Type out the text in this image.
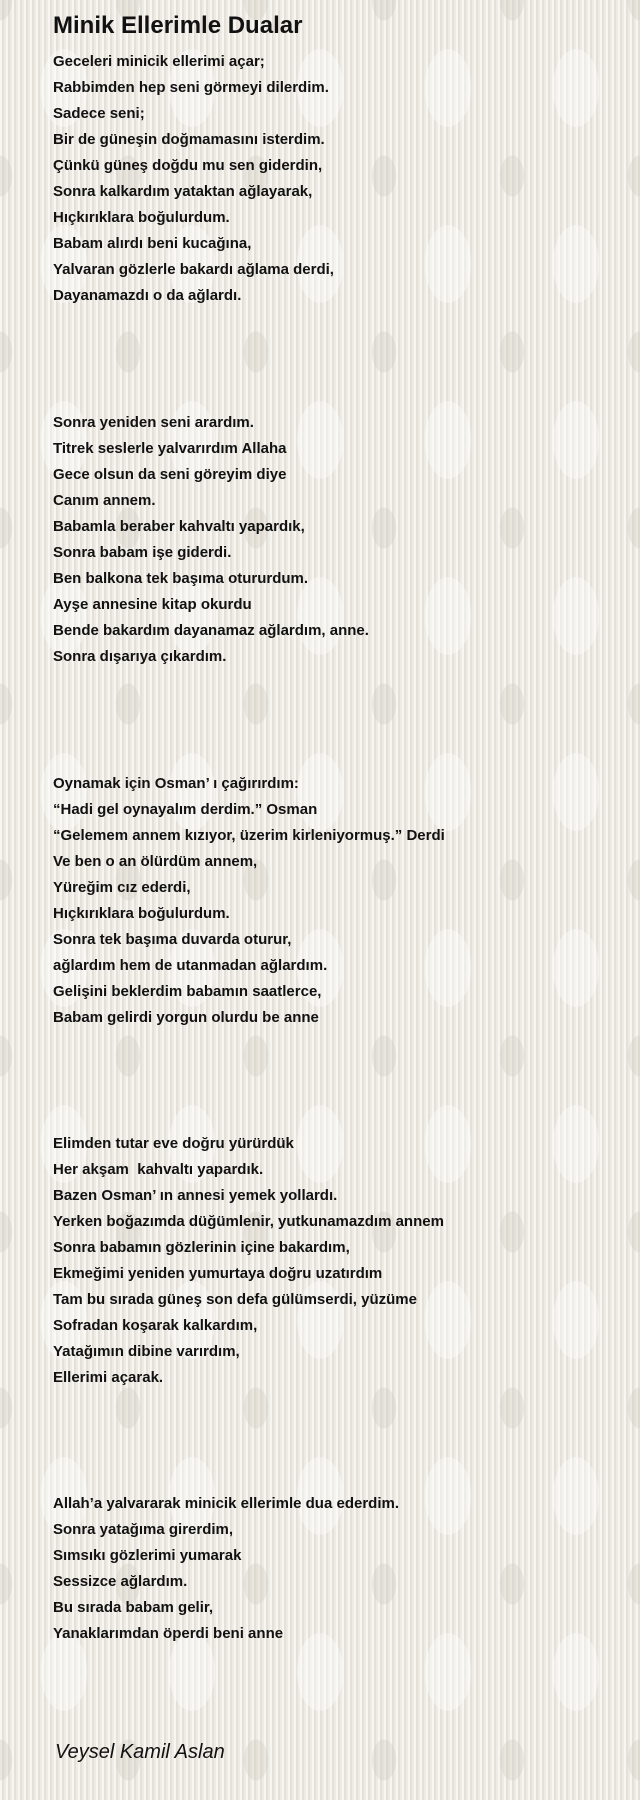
Minik Ellerimle Dualar
Geceleri minicik ellerimi açar;
Rabbimden hep seni görmeyi dilerdim.
Sadece seni;
Bir de güneşin doğmamasını isterdim.
Çünkü güneş doğdu mu sen giderdin,
Sonra kalkardım yataktan ağlayarak,
Hıçkırıklara boğulurdum.
Babam alırdı beni kucağına,
Yalvaran gözlerle bakardı ağlama derdi,
Dayanamazdı o da ağlardı.
Sonra yeniden seni arardım.
Titrek seslerle yalvarırdım Allaha
Gece olsun da seni göreyim diye
Canım annem.
Babamla beraber kahvaltı yapardık,
Sonra babam işe giderdi.
Ben balkona tek başıma otururdum.
Ayşe annesine kitap okurdu
Bende bakardım dayanamaz ağlardım, anne.
Sonra dışarıya çıkardım.
Oynamak için Osman’ ı çağırırdım:
“Hadi gel oynayalım derdim.” Osman
“Gelemem annem kızıyor, üzerim kirleniyormuş.” Derdi
Ve ben o an ölürdüm annem,
Yüreğim cız ederdi,
Hıçkırıklara boğulurdum.
Sonra tek başıma duvarda oturur,
ağlardım hem de utanmadan ağlardım.
Gelişini beklerdim babamın saatlerce,
Babam gelirdi yorgun olurdu be anne
Elimden tutar eve doğru yürürdük
Her akşam  kahvaltı yapardık.
Bazen Osman’ ın annesi yemek yollardı.
Yerken boğazımda düğümlenir, yutkunamazdım annem
Sonra babamın gözlerinin içine bakardım,
Ekmeğimi yeniden yumurtaya doğru uzatırdım
Tam bu sırada güneş son defa gülümserdi, yüzüme
Sofradan koşarak kalkardım,
Yatağımın dibine varırdım,
Ellerimi açarak.
Allah’a yalvararak minicik ellerimle dua ederdim.
Sonra yatağıma girerdim,
Sımsıkı gözlerimi yumarak
Sessizce ağlardım.
Bu sırada babam gelir,
Yanaklarımdan öperdi beni anne
Veysel Kamil Aslan
